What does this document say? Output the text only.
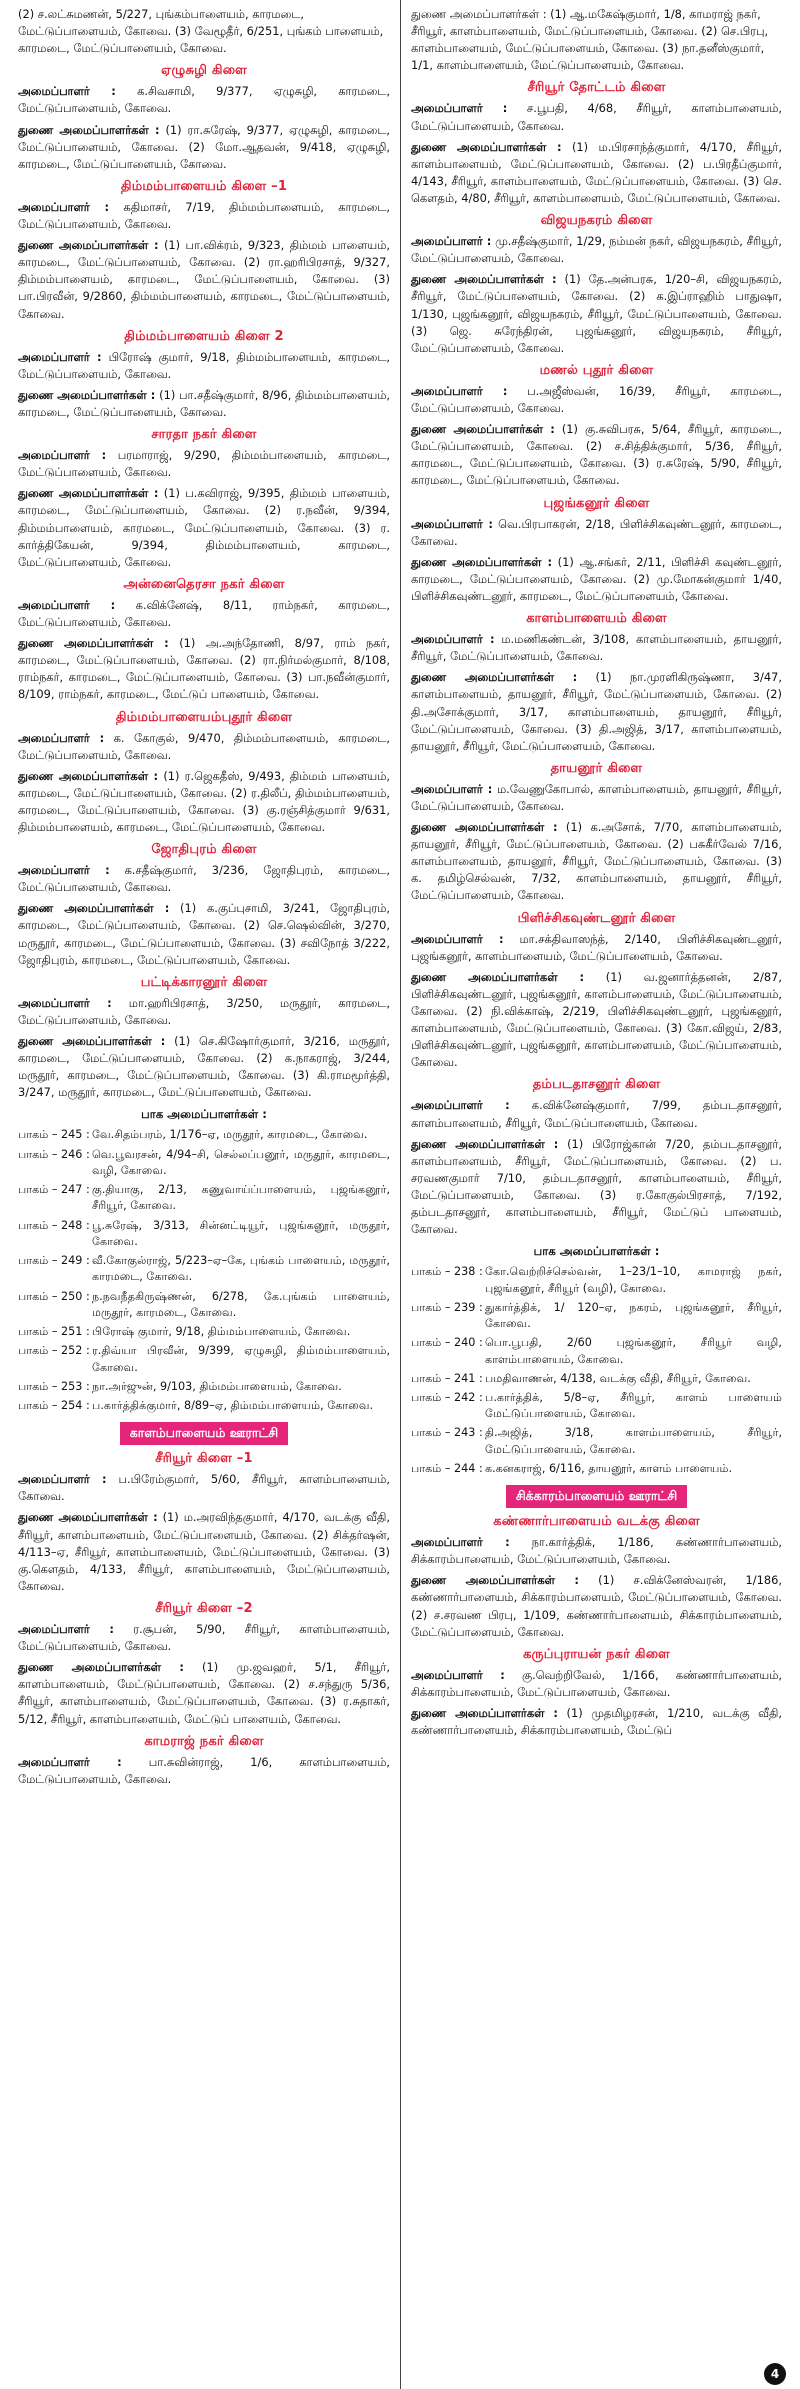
(2) ச.லட்சுமணன், 5/227, புங்கம்பாளையம், காரமடை, மேட்டுப்பாளையம், கோவை. (3) வேழூதீர், 6/251, புங்கம் பாளையம், காரமடை, மேட்டுப்பாளையம், கோவை.
ஏழுசுழி கிளை
அமைப்பாளர் : க.சிவசாமி, 9/377, ஏழுசுழி, காரமடை, மேட்டுப்பாளையம், கோவை.
துணை அமைப்பாளர்கள் : (1) ரா.சுரேஷ், 9/377, ஏழுசுழி, காரமடை, மேட்டுப்பாளையம், கோவை. (2) மோ.ஆதவன், 9/418, ஏழுசுழி, காரமடை, மேட்டுப்பாளையம், கோவை.
திம்மம்பாளையம் கிளை –1
அமைப்பாளர் : கதிமாசர், 7/19, திம்மம்பாளையம், காரமடை, மேட்டுப்பாளையம், கோவை.
துணை அமைப்பாளர்கள் : (1) பா.விக்ரம், 9/323, திம்மம் பாளையம், காரமடை, மேட்டுப்பாளையம், கோவை. (2) ரா.ஹரிபிரசாத், 9/327, திம்மம்பாளையம், காரமடை, மேட்டுப்பாளையம், கோவை. (3) பா.பிரவீன், 9/2860, திம்மம்பாளையம், காரமடை, மேட்டுப்பாளையம், கோவை.
திம்மம்பாளையம் கிளை 2
அமைப்பாளர் : பிரோஷ் குமார், 9/18, திம்மம்பாளையம், காரமடை, மேட்டுப்பாளையம், கோவை.
துணை அமைப்பாளர்கள் : (1) பா.சதீஷ்குமார், 8/96, திம்மம்பாளையம், காரமடை, மேட்டுப்பாளையம், கோவை.
சாரதா நகர் கிளை
அமைப்பாளர் : பரமாராஜ், 9/290, திம்மம்பாளையம், காரமடை, மேட்டுப்பாளையம், கோவை.
துணை அமைப்பாளர்கள் : (1) ப.கவிராஜ், 9/395, திம்மம் பாளையம், காரமடை, மேட்டுப்பாளையம், கோவை. (2) ர.நவீன், 9/394, திம்மம்பாளையம், காரமடை, மேட்டுப்பாளையம், கோவை. (3) ர. கார்த்திகேயன், 9/394, திம்மம்பாளையம், காரமடை, மேட்டுப்பாளையம், கோவை.
அன்னைதெரசா நகர் கிளை
அமைப்பாளர் : க.விக்னேஷ், 8/11, ராம்நகர், காரமடை, மேட்டுப்பாளையம், கோவை.
துணை அமைப்பாளர்கள் : (1) அ.அந்தோணி, 8/97, ராம் நகர், காரமடை, மேட்டுப்பாளையம், கோவை. (2) ரா.நிர்மல்குமார், 8/108, ராம்நகர், காரமடை, மேட்டுப்பாளையம், கோவை. (3) பா.நவீன்குமார், 8/109, ராம்நகர், காரமடை, மேட்டுப் பாளையம், கோவை.
திம்மம்பாளையம்புதூர் கிளை
அமைப்பாளர் : க. கோகுல், 9/470, திம்மம்பாளையம், காரமடை, மேட்டுப்பாளையம், கோவை.
துணை அமைப்பாளர்கள் : (1) ர.ஜெகதீஸ், 9/493, திம்மம் பாளையம், காரமடை, மேட்டுப்பாளையம், கோவை. (2) ர.திலீப், திம்மம்பாளையம், காரமடை, மேட்டுப்பாளையம், கோவை. (3) கு.ரஞ்சித்குமார் 9/631, திம்மம்பாளையம், காரமடை, மேட்டுப்பாளையம், கோவை.
ஜோதிபுரம் கிளை
அமைப்பாளர் : க.சதீஷ்குமார், 3/236, ஜோதிபுரம், காரமடை, மேட்டுப்பாளையம், கோவை.
துணை அமைப்பாளர்கள் : (1) க.குப்புசாமி, 3/241, ஜோதிபுரம், காரமடை, மேட்டுப்பாளையம், கோவை. (2) செ.ஷெல்வின், 3/270, மருதூர், காரமடை, மேட்டுப்பாளையம், கோவை. (3) சவிநோத் 3/222, ஜோதிபுரம், காரமடை, மேட்டுப்பாளையம், கோவை.
பட்டிக்காரனூர் கிளை
அமைப்பாளர் : மா.ஹரிபிரசாத், 3/250, மருதூர், காரமடை, மேட்டுப்பாளையம், கோவை.
துணை அமைப்பாளர்கள் : (1) செ.கிஷோர்குமார், 3/216, மருதூர், காரமடை, மேட்டுப்பாளையம், கோவை. (2) க.நாகராஜ், 3/244, மருதூர், காரமடை, மேட்டுப்பாளையம், கோவை. (3) கி.ராமமூர்த்தி, 3/247, மருதூர், காரமடை, மேட்டுப்பாளையம், கோவை.
பாக அமைப்பாளர்கள் :
பாகம் – 245 : வே.சிதம்பரம், 1/176–ஏ, மருதூர், காரமடை, கோவை.
பாகம் – 246 : வெ.பூவரசன், 4/94–சி, செல்லப்பனூர், மருதூர், காரமடை, வழி, கோவை.
பாகம் – 247 : கு.தியாகு, 2/13, கணுவாய்ப்பாளையம், புஜங்கனூர், சீரியூர், கோவை.
பாகம் – 248 : பூ.சுரேஷ், 3/313, சின்னட்டியூர், புஜங்கனூர், மருதூர், கோவை.
பாகம் – 249 : வீ.கோகுல்ராஜ், 5/223–ஏ–கே, புங்கம் பாளையம், மருதூர், காரமடை, கோவை.
பாகம் – 250 : ந.நவநீதகிருஷ்ணன், 6/278, கே.புங்கம் பாளையம், மருதூர், காரமடை, கோவை.
பாகம் – 251 : பிரோஷ் குமார், 9/18, திம்மம்பாளையம், கோவை.
பாகம் – 252 : ர.திவ்யா பிரவீன், 9/399, ஏழுசுழி, திம்மம்பாளையம், கோவை.
பாகம் – 253 : நா.அர்ஜுன், 9/103, திம்மம்பாளையம், கோவை.
பாகம் – 254 : ப.கார்த்திக்குமார், 8/89–ஏ, திம்மம்பாளையம், கோவை.
காளம்பாளையம் ஊராட்சி
சீரியூர் கிளை –1
அமைப்பாளர் : ப.பிரேம்குமார், 5/60, சீரியூர், காளம்பாளையம், கோவை.
துணை அமைப்பாளர்கள் : (1) ம.அரவிந்தகுமார், 4/170, வடக்கு வீதி, சீரியூர், காளம்பாளையம், மேட்டுப்பாளையம், கோவை. (2) சிக்தர்ஷன், 4/113–ஏ, சீரியூர், காளம்பாளையம், மேட்டுப்பாளையம், கோவை. (3) கு.கௌதம், 4/133, சீரியூர், காளம்பாளையம், மேட்டுப்பாளையம், கோவை.
சீரியூர் கிளை –2
அமைப்பாளர் : ர.சூபன், 5/90, சீரியூர், காளம்பாளையம், மேட்டுப்பாளையம், கோவை.
துணை அமைப்பாளர்கள் : (1) மு.ஜவஹர், 5/1, சீரியூர், காளம்பாளையம், மேட்டுப்பாளையம், கோவை. (2) ச.சந்துரு 5/36, சீரியூர், காளம்பாளையம், மேட்டுப்பாளையம், கோவை. (3) ர.சுதாகர், 5/12, சீரியூர், காளம்பாளையம், மேட்டுப் பாளையம், கோவை.
காமராஜ் நகர் கிளை
அமைப்பாளர் : பா.சுவின்ராஜ், 1/6, காளம்பாளையம், மேட்டுப்பாளையம், கோவை.
துணை அமைப்பாளர்கள் : (1) ஆ.மகேஷ்குமார், 1/8, காமராஜ் நகர், சீரியூர், காளம்பாளையம், மேட்டுப்பாளையம், கோவை. (2) செ.பிரபு, காளம்பாளையம், மேட்டுப்பாளையம், கோவை. (3) நா.தனீஸ்குமார், 1/1, காளம்பாளையம், மேட்டுப்பாளையம், கோவை.
சீரியூர் தோட்டம் கிளை
அமைப்பாளர் : ச.பூபதி, 4/68, சீரியூர், காளம்பாளையம், மேட்டுப்பாளையம், கோவை.
துணை அமைப்பாளர்கள் : (1) ம.பிரசாந்த்குமார், 4/170, சீரியூர், காளம்பாளையம், மேட்டுப்பாளையம், கோவை. (2) ப.பிரதீப்குமார், 4/143, சீரியூர், காளம்பாளையம், மேட்டுப்பாளையம், கோவை. (3) செ. கௌதம், 4/80, சீரியூர், காளம்பாளையம், மேட்டுப்பாளையம், கோவை.
விஜயநகரம் கிளை
அமைப்பாளர் : மு.சதீஷ்குமார், 1/29, நம்மன் நகர், விஜயநகரம், சீரியூர், மேட்டுப்பாளையம், கோவை.
துணை அமைப்பாளர்கள் : (1) தே.அன்பரசு, 1/20–சி, விஜயநகரம், சீரியூர், மேட்டுப்பாளையம், கோவை. (2) க.இப்ராஹிம் பாதுஷா, 1/130, புஜங்கனூர், விஜயநகரம், சீரியூர், மேட்டுப்பாளையம், கோவை. (3) ஜெ. சுரேந்திரன், புஜங்கனூர், விஜயநகரம், சீரியூர், மேட்டுப்பாளையம், கோவை.
மணல் புதூர் கிளை
அமைப்பாளர் : ப.அஜீஸ்வன், 16/39, சீரியூர், காரமடை, மேட்டுப்பாளையம், கோவை.
துணை அமைப்பாளர்கள் : (1) கு.சுவிபரசு, 5/64, சீரியூர், காரமடை, மேட்டுப்பாளையம், கோவை. (2) ச.சித்திக்குமார், 5/36, சீரியூர், காரமடை, மேட்டுப்பாளையம், கோவை. (3) ர.சுரேஷ், 5/90, சீரியூர், காரமடை, மேட்டுப்பாளையம், கோவை.
புஜங்கனூர் கிளை
அமைப்பாளர் : வெ.பிரபாகரன், 2/18, பிளிச்சிகவுண்டனூர், காரமடை, கோவை.
துணை அமைப்பாளர்கள் : (1) ஆ.சங்கர், 2/11, பிளிச்சி கவுண்டனூர், காரமடை, மேட்டுப்பாளையம், கோவை. (2) மு.மோகன்குமார் 1/40, பிளிச்சிகவுண்டனூர், காரமடை, மேட்டுப்பாளையம், கோவை.
காளம்பாளையம் கிளை
அமைப்பாளர் : ம.மணிகண்டன், 3/108, காளம்பாளையம், தாயனூர், சீரியூர், மேட்டுப்பாளையம், கோவை.
துணை அமைப்பாளர்கள் : (1) நா.முரளிகிருஷ்ணா, 3/47, காளம்பாளையம், தாயனூர், சீரியூர், மேட்டுப்பாளையம், கோவை. (2) தி.அசோக்குமார், 3/17, காளம்பாளையம், தாயனூர், சீரியூர், மேட்டுப்பாளையம், கோவை. (3) தி.அஜித், 3/17, காளம்பாளையம், தாயனூர், சீரியூர், மேட்டுப்பாளையம், கோவை.
தாயனூர் கிளை
அமைப்பாளர் : ம.வேணுகோபால், காளம்பாளையம், தாயனூர், சீரியூர், மேட்டுப்பாளையம், கோவை.
துணை அமைப்பாளர்கள் : (1) க.அசோக், 7/70, காளம்பாளையம், தாயனூர், சீரியூர், மேட்டுப்பாளையம், கோவை. (2) பசுகீர்வேல் 7/16, காளம்பாளையம், தாயனூர், சீரியூர், மேட்டுப்பாளையம், கோவை. (3) க. தமிழ்செல்வன், 7/32, காளம்பாளையம், தாயனூர், சீரியூர், மேட்டுப்பாளையம், கோவை.
பிளிச்சிகவுண்டனூர் கிளை
அமைப்பாளர் : மா.சக்திவாஸந்த், 2/140, பிளிச்சிகவுண்டனூர், புஜங்கனூர், காளம்பாளையம், மேட்டுப்பாளையம், கோவை.
துணை அமைப்பாளர்கள் : (1) வ.ஜனார்த்தனன், 2/87, பிளிச்சிகவுண்டனூர், புஜங்கனூர், காளம்பாளையம், மேட்டுப்பாளையம், கோவை. (2) நி.விக்காஷ், 2/219, பிளிச்சிகவுண்டனூர், புஜங்கனூர், காளம்பாளையம், மேட்டுப்பாளையம், கோவை. (3) கோ.விஜய், 2/83, பிளிச்சிகவுண்டனூர், புஜங்கனூர், காளம்பாளையம், மேட்டுப்பாளையம், கோவை.
தம்படதாசனூர் கிளை
அமைப்பாளர் : க.விக்னேஷ்குமார், 7/99, தம்படதாசனூர், காளம்பாளையம், சீரியூர், மேட்டுப்பாளையம், கோவை.
துணை அமைப்பாளர்கள் : (1) பிரோஜ்கான் 7/20, தம்படதாசனூர், காளம்பாளையம், சீரியூர், மேட்டுப்பாளையம், கோவை. (2) ப. சரவணகுமார் 7/10, தம்படதாசனூர், காளம்பாளையம், சீரியூர், மேட்டுப்பாளையம், கோவை. (3) ர.கோகுல்பிரசாத், 7/192, தம்படதாசனூர், காளம்பாளையம், சீரியூர், மேட்டுப் பாளையம், கோவை.
பாக அமைப்பாளர்கள் :
பாகம் – 238 : கோ.வெற்றிச்செல்வன், 1–23/1–10, காமராஜ் நகர், புஜங்கனூர், சீரியூர் (வழி), கோவை.
பாகம் – 239 : துகார்த்திக், 1/ 120–ஏ, நகரம், புஜங்கனூர், சீரியூர், கோவை.
பாகம் – 240 : பொ.பூபதி, 2/60 புஜங்கனூர், சீரியூர் வழி, காளம்பாளையம், கோவை.
பாகம் – 241 : பமதிவாணன், 4/138, வடக்கு வீதி, சீரியூர், கோவை.
பாகம் – 242 : ப.கார்த்திக், 5/8–ஏ, சீரியூர், காளம் பாளையம் மேட்டுப்பாளையம், கோவை.
பாகம் – 243 : தி.அஜித், 3/18, காளம்பாளையம், சீரியூர், மேட்டுப்பாளையம், கோவை.
பாகம் – 244 : க.கனகராஜ், 6/116, தாயனூர், காளம் பாளையம்.
சிக்காரம்பாளையம் ஊராட்சி
கண்ணார்பாளையம் வடக்கு கிளை
அமைப்பாளர் : நா.கார்த்திக், 1/186, கண்ணார்பாளையம், சிக்காரம்பாளையம், மேட்டுப்பாளையம், கோவை.
துணை அமைப்பாளர்கள் : (1) ச.விக்னேஸ்வரன், 1/186, கண்ணார்பாளையம், சிக்காரம்பாளையம், மேட்டுப்பாளையம், கோவை. (2) ச.சரவண பிரபு, 1/109, கண்ணார்பாளையம், சிக்காரம்பாளையம், மேட்டுப்பாளையம், கோவை.
கருப்புராயன் நகர் கிளை
அமைப்பாளர் : கு.வெற்றிவேல், 1/166, கண்ணார்பாளையம், சிக்காரம்பாளையம், மேட்டுப்பாளையம், கோவை.
துணை அமைப்பாளர்கள் : (1) முதமிழரசன், 1/210, வடக்கு வீதி, கண்ணார்பாளையம், சிக்காரம்பாளையம், மேட்டுப்
4
